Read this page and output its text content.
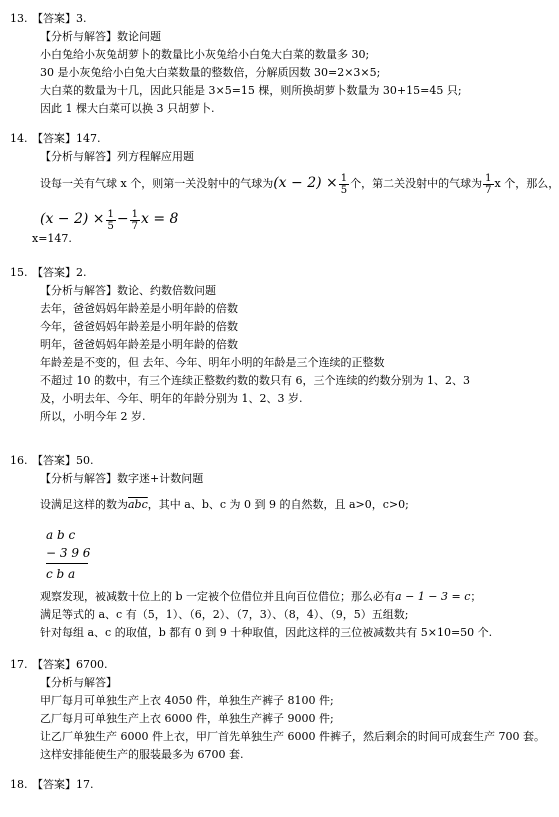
13. 【答案】3.
【分析与解答】数论问题
小白兔给小灰兔胡萝卜的数量比小灰兔给小白兔大白菜的数量多 30;
30 是小灰兔给小白兔大白菜数量的整数倍，分解质因数 30=2×3×5;
大白菜的数量为十几，因此只能是 3×5=15 棵，则所换胡萝卜数量为 30+15=45 只;
因此 1 棵大白菜可以换 3 只胡萝卜.
14. 【答案】147.
【分析与解答】列方程解应用题
设每一关有气球 x 个，则第一关没射中的气球为$(x - 2) \times \frac{1}{5}$ 个，第二关没射中的气球为 $\frac{1}{7}$ x 个，那么，
$(x - 2) \times \frac{1}{5} - \frac{1}{7}$ x = 8
x=147.
15. 【答案】2.
【分析与解答】数论、约数倍数问题
去年，爸爸妈妈年龄差是小明年龄的倍数
今年，爸爸妈妈年龄差是小明年龄的倍数
明年，爸爸妈妈年龄差是小明年龄的倍数
年龄差是不变的，但 去年、今年、明年小明的年龄是三个连续的正整数
不超过 10 的数中，有三个连续正整数约数的数只有 6，三个连续的约数分别为 1、2、3
及，小明去年、今年、明年的年龄分别为 1、2、3 岁.
所以，小明今年 2 岁.
16. 【答案】50.
【分析与解答】数字迷+计数问题
设满足这样的数为$\overline{abc}$，其中 a、b、c 为 0 到 9 的自然数，且 a>0，c>0;
a b c
− 3 9 6
c b a
观察发现，被减数十位上的 b 一定被个位借位并且向百位借位；那么必有a − 1 − 3 = c；
满足等式的 a、c 有（5，1）、（6，2）、（7，3）、（8，4）、（9，5）五组数;
针对每组 a、c 的取值，b 都有 0 到 9 十种取值，因此这样的三位被减数共有 5×10=50 个.
17. 【答案】6700.
【分析与解答】
甲厂每月可单独生产上衣 4050 件，单独生产裤子 8100 件;
乙厂每月可单独生产上衣 6000 件，单独生产裤子 9000 件;
让乙厂单独生产 6000 件上衣，甲厂首先单独生产 6000 件裤子，然后剩余的时间可成套生产 700 套。
这样安排能使生产的服装最多为 6700 套.
18. 【答案】17.
